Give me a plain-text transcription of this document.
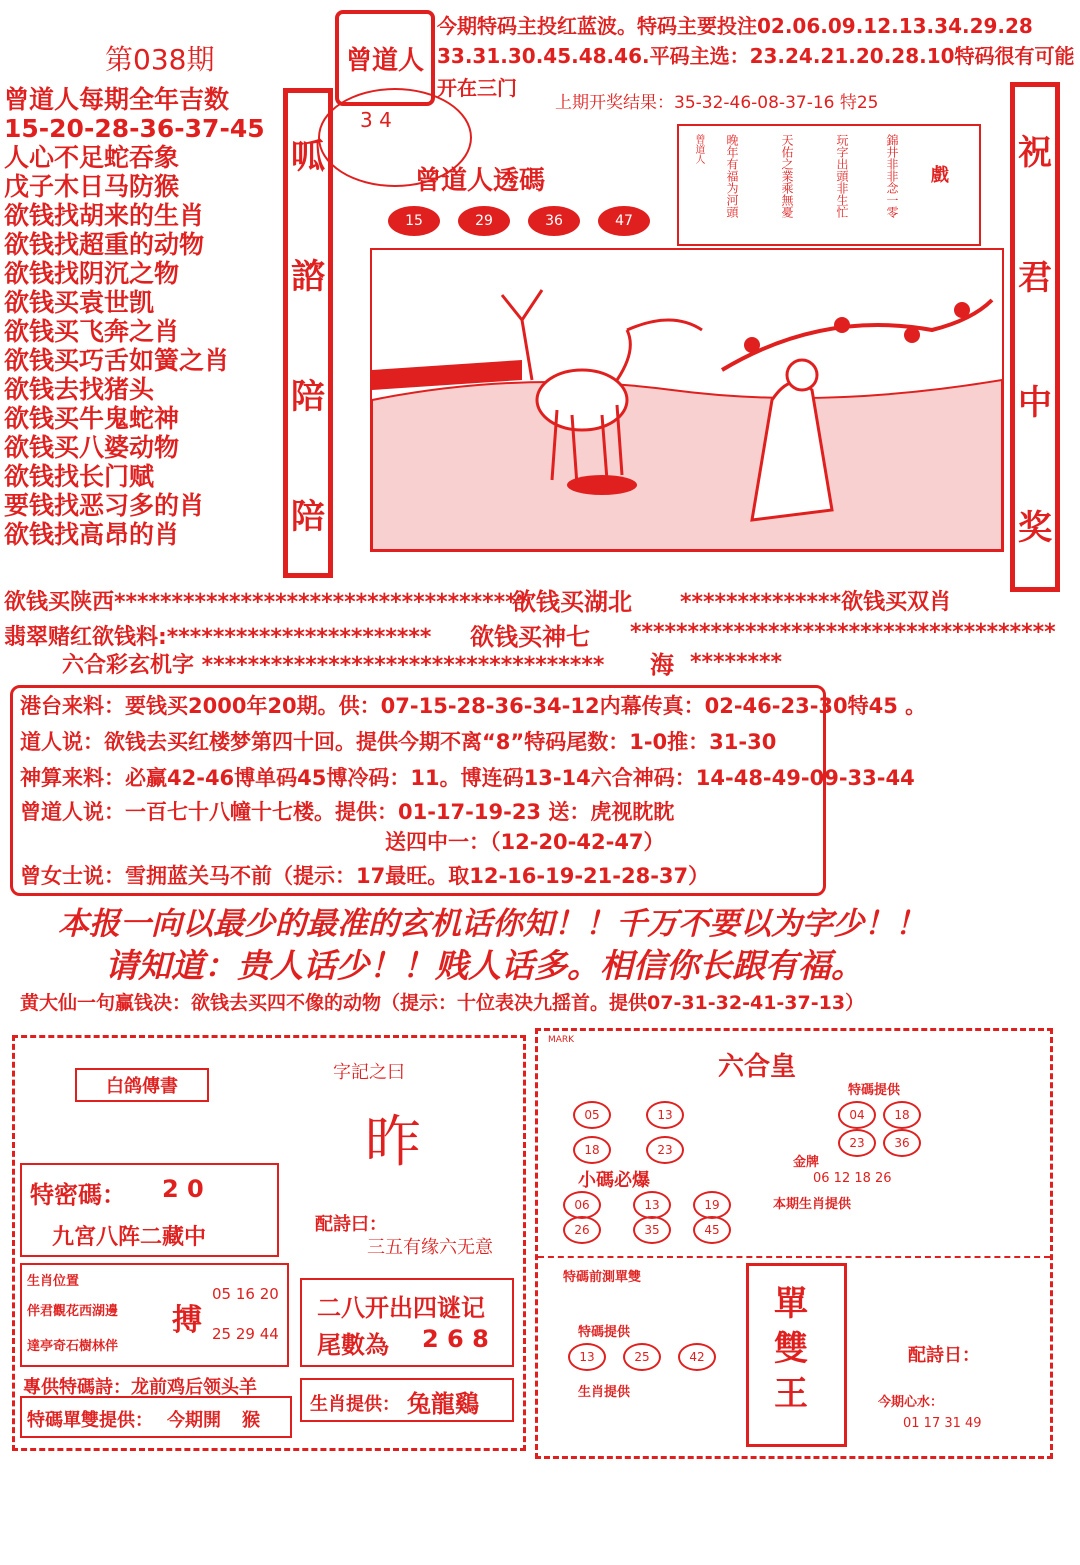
第038期	曾道人
今期特码主投红蓝波。特码主要投注02.06.09.12.13.34.29.28
33.31.30.45.48.46.平码主选：23.24.21.20.28.10特码很有可能
开在三门
上期开奖结果：35-32-46-08-37-16 特25
曾道人每期全年吉数
15-20-28-36-37-45
人心不足蛇吞象
戊子木日马防猴
欲钱找胡来的生肖
欲钱找超重的动物
欲钱找阴沉之物
欲钱买袁世凯
欲钱买飞奔之肖
欲钱买巧舌如簧之肖
欲钱去找猪头
欲钱买牛鬼蛇神
欲钱买八婆动物
欲钱找长门赋
要钱找恶习多的肖
欲钱找高昂的肖
呱
諮
陪
陪
祝
君
中
奖
3 4
曾道人透碼
15	29	36	47
戲
曾道人 晚年有福为河頭	天佑之業乘無憂	玩字出頭非生忙	錦井非非念一零
欲钱买陕西************************************
欲钱买湖北 **************欲钱买双肖
翡翠赌红欲钱料:*********************** 欲钱买神七 *************************************
六合彩玄机字 *********************************** 海 ********
港台来料：要钱买2000年20期。供：07-15-28-36-34-12内幕传真：02-46-23-30特45 。
道人说：欲钱去买红楼梦第四十回。提供今期不离“8”特码尾数：1-0推：31-30
神算来料：必赢42-46博单码45博冷码：11。博连码13-14六合神码：14-48-49-09-33-44
曾道人说：一百七十八幢十七楼。提供：01-17-19-23 送：虎视眈眈
送四中一：（12-20-42-47）
曾女士说：雪拥蓝关马不前（提示：17最旺。取12-16-19-21-28-37）
本报一向以最少的最准的玄机话你知！！千万不要以为字少！！
请知道：贵人话少！！贱人话多。相信你长跟有福。
黄大仙一句赢钱决：欲钱去买四不像的动物（提示：十位表决九揺首。提供07-31-32-41-37-13）
白鸽傳書
字記之曰
昨
特密碼： 2 0
九宮八阵二藏中
配詩曰：
三五有缘六无意
生肖位置
伴君觀花西湖邊
達亭奇石樹林伴
搏
05 16 20
25 29 44
二八开出四谜记
尾數為 2 6 8
專供特碼詩：龙前鸡后领头羊
特碼單雙提供： 今期開 猴
生肖提供： 兔龍鷄
MARK
六合皇
05	13
18	23
特碼提供
04	18
23	36
金牌
06 12 18 26
小碼必爆
06	13	19
26	35	45
本期生肖提供
特碼前測單雙
特碼提供
13	25	42
生肖提供
單
雙
王
配詩日：
今期心水：
01 17 31 49
